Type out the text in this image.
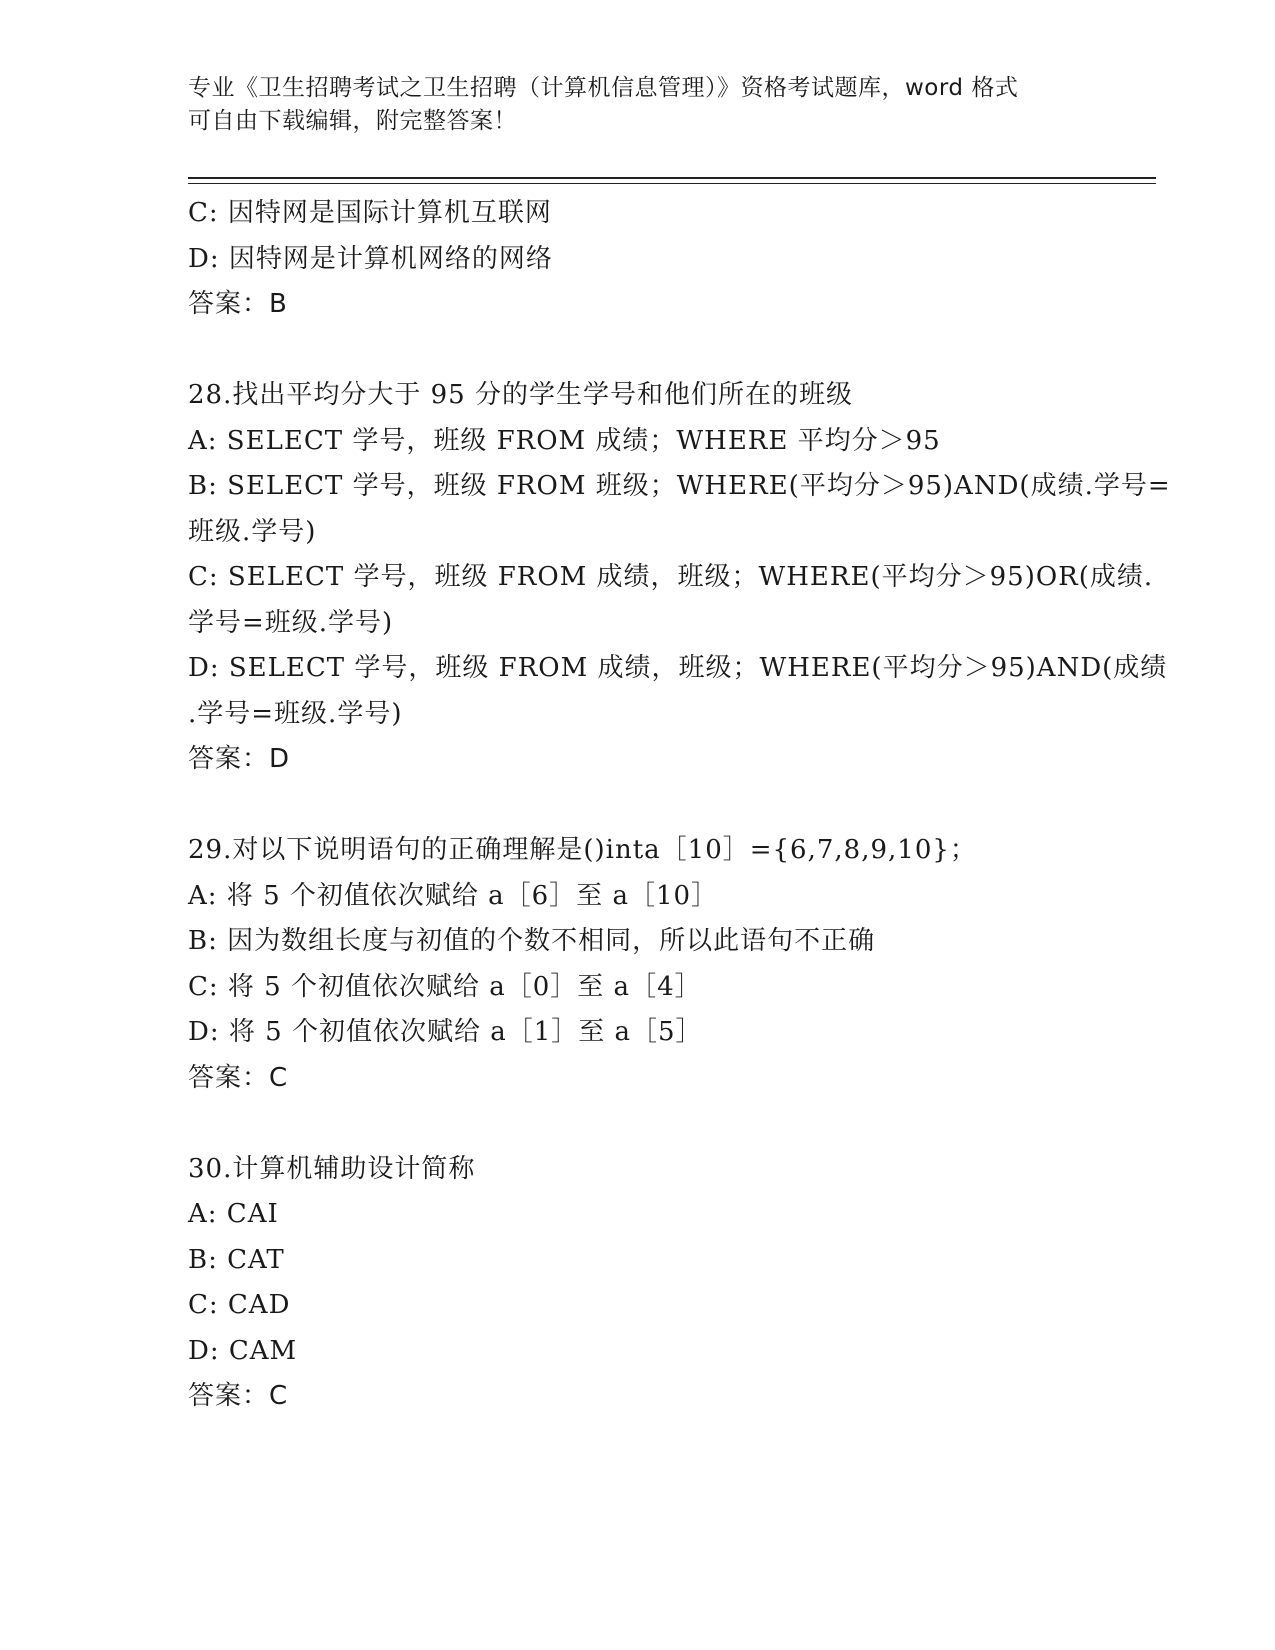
专业《卫生招聘考试之卫生招聘（计算机信息管理）》资格考试题库，word 格式
可自由下载编辑，附完整答案！
C: 因特网是国际计算机互联网
D: 因特网是计算机网络的网络
答案：B
28.找出平均分大于 95 分的学生学号和他们所在的班级
A: SELECT 学号，班级 FROM 成绩；WHERE 平均分＞95
B: SELECT 学号，班级 FROM 班级；WHERE(平均分＞95)AND(成绩.学号=
班级.学号)
C: SELECT 学号，班级 FROM 成绩，班级；WHERE(平均分＞95)OR(成绩.
学号=班级.学号)
D: SELECT 学号，班级 FROM 成绩，班级；WHERE(平均分＞95)AND(成绩
.学号=班级.学号)
答案：D
29.对以下说明语句的正确理解是()inta［10］={6,7,8,9,10}；
A: 将 5 个初值依次赋给 a［6］至 a［10］
B: 因为数组长度与初值的个数不相同，所以此语句不正确
C: 将 5 个初值依次赋给 a［0］至 a［4］
D: 将 5 个初值依次赋给 a［1］至 a［5］
答案：C
30.计算机辅助设计简称
A: CAI
B: CAT
C: CAD
D: CAM
答案：C
